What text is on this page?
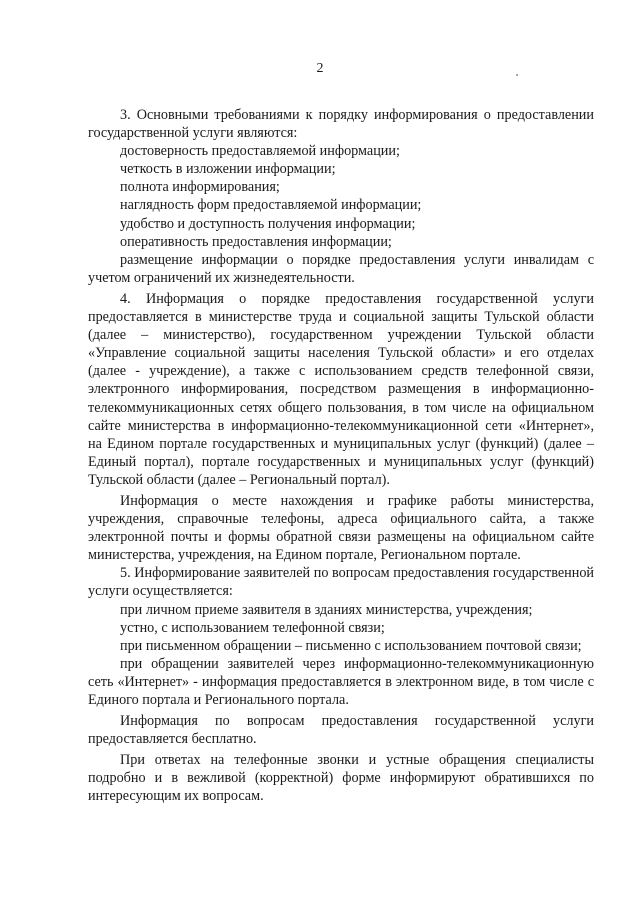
2

3. Основными требованиями к порядку информирования о предоставлении государственной услуги являются:

достоверность предоставляемой информации;

четкость в изложении информации;

полнота информирования;

наглядность форм предоставляемой информации;

удобство и доступность получения информации;

оперативность предоставления информации;

размещение информации о порядке предоставления услуги инвалидам с учетом ограничений их жизнедеятельности.

4. Информация о порядке предоставления государственной услуги предоставляется в министерстве труда и социальной защиты Тульской области (далее – министерство), государственном учреждении Тульской области «Управление социальной защиты населения Тульской области» и его отделах (далее - учреждение), а также с использованием средств телефонной связи, электронного информирования, посредством размещения в информационно-телекоммуникационных сетях общего пользования, в том числе на официальном сайте министерства в информационно-телекоммуникационной сети «Интернет», на Едином портале государственных и муниципальных услуг (функций) (далее – Единый портал), портале государственных и муниципальных услуг (функций) Тульской области (далее – Региональный портал).

Информация о месте нахождения и графике работы министерства, учреждения, справочные телефоны, адреса официального сайта, а также электронной почты и формы обратной связи размещены на официальном сайте министерства, учреждения, на Едином портале, Региональном портале.

5. Информирование заявителей по вопросам предоставления государственной услуги осуществляется:

при личном приеме заявителя в зданиях министерства, учреждения;

устно, с использованием телефонной связи;

при письменном обращении – письменно с использованием почтовой связи;

при обращении заявителей через информационно-телекоммуникационную сеть «Интернет» - информация предоставляется в электронном виде, в том числе с Единого портала и Регионального портала.

Информация по вопросам предоставления государственной услуги предоставляется бесплатно.

При ответах на телефонные звонки и устные обращения специалисты подробно и в вежливой (корректной) форме информируют обратившихся по интересующим их вопросам.
